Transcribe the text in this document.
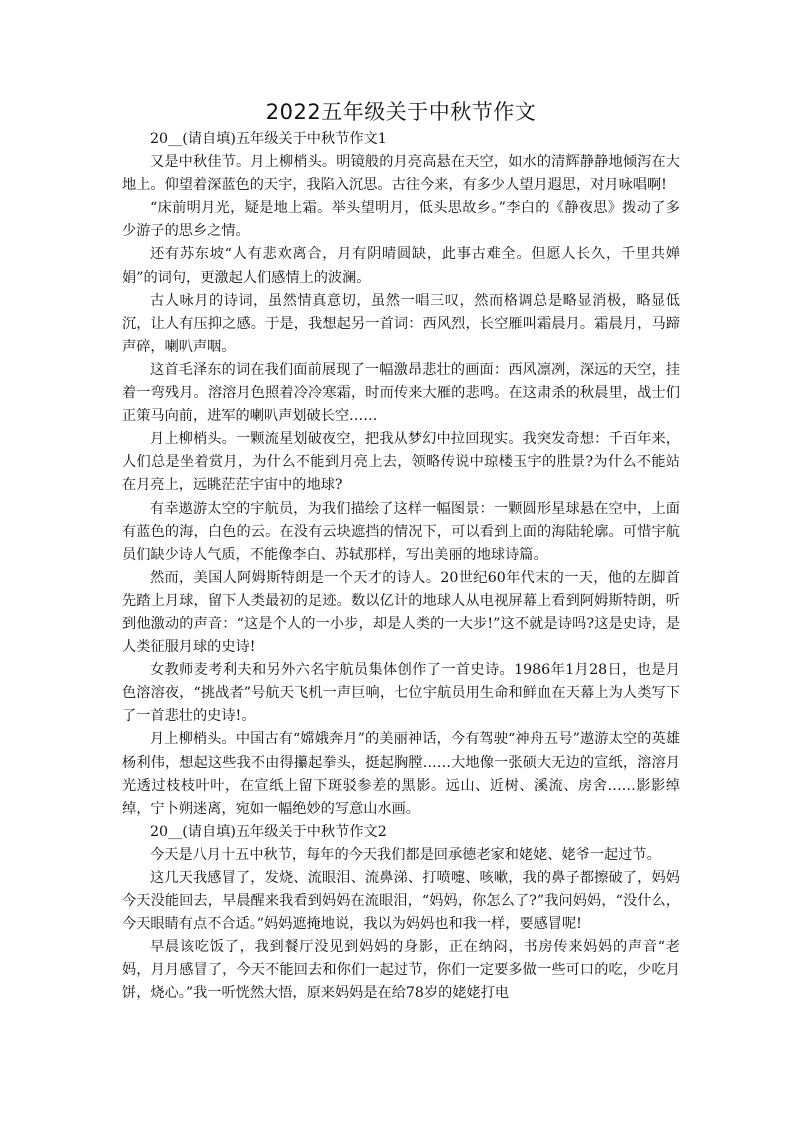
2022五年级关于中秋节作文

20__(请自填)五年级关于中秋节作文1

又是中秋佳节。月上柳梢头。明镜般的月亮高悬在天空，如水的清辉静静地倾泻在大地上。仰望着深蓝色的天宇，我陷入沉思。古往今来，有多少人望月遐思，对月咏唱啊!

“床前明月光，疑是地上霜。举头望明月，低头思故乡。”李白的《静夜思》拨动了多少游子的思乡之情。

还有苏东坡“人有悲欢离合，月有阴晴圆缺，此事古难全。但愿人长久，千里共婵娟”的词句，更激起人们感情上的波澜。

古人咏月的诗词，虽然情真意切，虽然一唱三叹，然而格调总是略显消极，略显低沉，让人有压抑之感。于是，我想起另一首词：西风烈，长空雁叫霜晨月。霜晨月，马蹄声碎，喇叭声咽。

这首毛泽东的词在我们面前展现了一幅激昂悲壮的画面：西风凛冽，深远的天空，挂着一弯残月。溶溶月色照着冷冷寒霜，时而传来大雁的悲鸣。在这肃杀的秋晨里，战士们正策马向前，进军的喇叭声划破长空……

月上柳梢头。一颗流星划破夜空，把我从梦幻中拉回现实。我突发奇想：千百年来，人们总是坐着赏月，为什么不能到月亮上去，领略传说中琼楼玉宇的胜景?为什么不能站在月亮上，远眺茫茫宇宙中的地球?

有幸遨游太空的宇航员，为我们描绘了这样一幅图景：一颗圆形星球悬在空中，上面有蓝色的海，白色的云。在没有云块遮挡的情况下，可以看到上面的海陆轮廓。可惜宇航员们缺少诗人气质，不能像李白、苏轼那样，写出美丽的地球诗篇。

然而，美国人阿姆斯特朗是一个天才的诗人。20世纪60年代末的一天，他的左脚首先踏上月球，留下人类最初的足迹。数以亿计的地球人从电视屏幕上看到阿姆斯特朗，听到他激动的声音：“这是个人的一小步，却是人类的一大步!”这不就是诗吗?这是史诗，是人类征服月球的史诗!

女教师麦考利夫和另外六名宇航员集体创作了一首史诗。1986年1月28日，也是月色溶溶夜，“挑战者”号航天飞机一声巨响，七位宇航员用生命和鲜血在天幕上为人类写下了一首悲壮的史诗!。

月上柳梢头。中国古有“嫦娥奔月”的美丽神话，今有驾驶“神舟五号”遨游太空的英雄杨利伟，想起这些我不由得攥起拳头，挺起胸膛……大地像一张硕大无边的宣纸，溶溶月光透过枝枝叶叶，在宣纸上留下斑驳参差的黑影。远山、近树、溪流、房舍……影影绰绰，宁卜朔迷离，宛如一幅绝妙的写意山水画。

20__(请自填)五年级关于中秋节作文2

今天是八月十五中秋节，每年的今天我们都是回承德老家和姥姥、姥爷一起过节。

这几天我感冒了，发烧、流眼泪、流鼻涕、打喷嚏、咳嗽，我的鼻子都擦破了，妈妈今天没能回去，早晨醒来我看到妈妈在流眼泪，“妈妈，你怎么了?”我问妈妈，“没什么，今天眼睛有点不合适。”妈妈遮掩地说，我以为妈妈也和我一样，要感冒呢!

早晨该吃饭了，我到餐厅没见到妈妈的身影，正在纳闷，书房传来妈妈的声音“老妈，月月感冒了，今天不能回去和你们一起过节，你们一定要多做一些可口的吃，少吃月饼，烧心。”我一听恍然大悟，原来妈妈是在给78岁的姥姥打电
